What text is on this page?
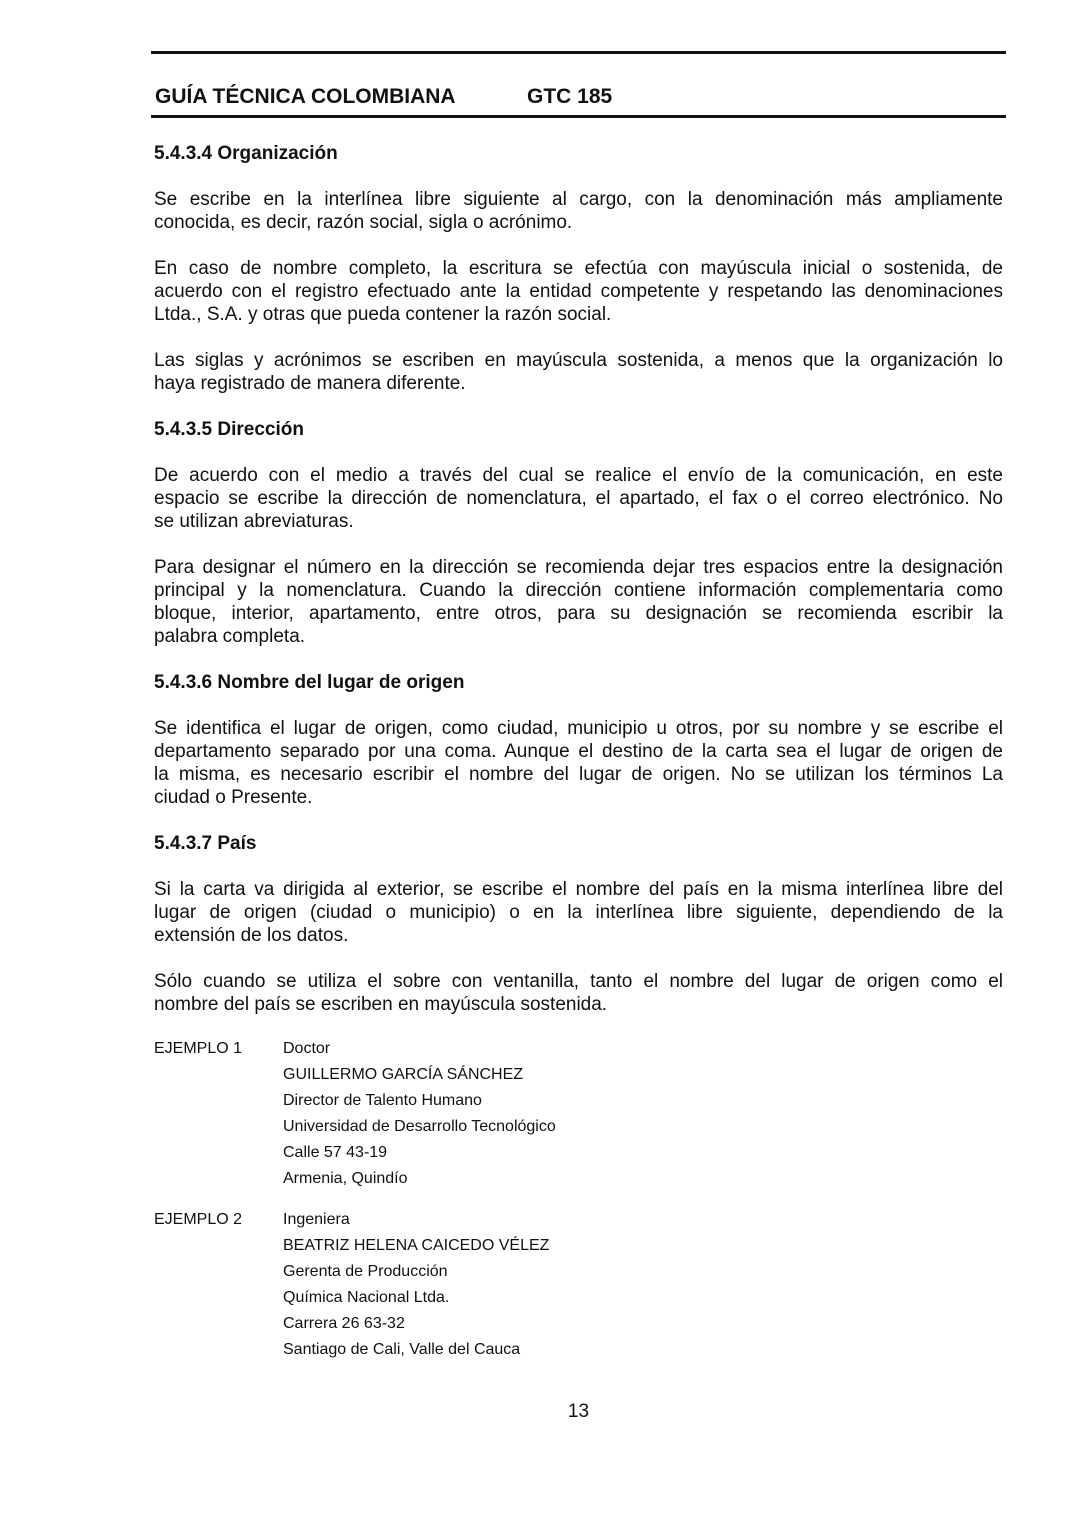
GUÍA TÉCNICA COLOMBIANA	GTC 185
5.4.3.4 Organización
Se escribe en la interlínea libre siguiente al cargo, con la denominación más ampliamente
conocida, es decir, razón social, sigla o acrónimo.
En caso de nombre completo, la escritura se efectúa con mayúscula inicial o sostenida, de
acuerdo con el registro efectuado ante la entidad competente y respetando las denominaciones
Ltda., S.A. y otras que pueda contener la razón social.
Las siglas y acrónimos se escriben en mayúscula sostenida, a menos que la organización lo
haya registrado de manera diferente.
5.4.3.5 Dirección
De acuerdo con el medio a través del cual se realice el envío de la comunicación, en este
espacio se escribe la dirección de nomenclatura, el apartado, el fax o el correo electrónico. No
se utilizan abreviaturas.
Para designar el número en la dirección se recomienda dejar tres espacios entre la designación
principal y la nomenclatura. Cuando la dirección contiene información complementaria como
bloque, interior, apartamento, entre otros, para su designación se recomienda escribir la
palabra completa.
5.4.3.6 Nombre del lugar de origen
Se identifica el lugar de origen, como ciudad, municipio u otros, por su nombre y se escribe el
departamento separado por una coma. Aunque el destino de la carta sea el lugar de origen de
la misma, es necesario escribir el nombre del lugar de origen. No se utilizan los términos La
ciudad o Presente.
5.4.3.7 País
Si la carta va dirigida al exterior, se escribe el nombre del país en la misma interlínea libre del
lugar de origen (ciudad o municipio) o en la interlínea libre siguiente, dependiendo de la
extensión de los datos.
Sólo cuando se utiliza el sobre con ventanilla, tanto el nombre del lugar de origen como el
nombre del país se escriben en mayúscula sostenida.
EJEMPLO 1	Doctor
GUILLERMO GARCÍA SÁNCHEZ
Director de Talento Humano
Universidad de Desarrollo Tecnológico
Calle 57 43-19
Armenia, Quindío
EJEMPLO 2	Ingeniera
BEATRIZ HELENA CAICEDO VÉLEZ
Gerenta de Producción
Química Nacional Ltda.
Carrera 26 63-32
Santiago de Cali, Valle del Cauca
13
